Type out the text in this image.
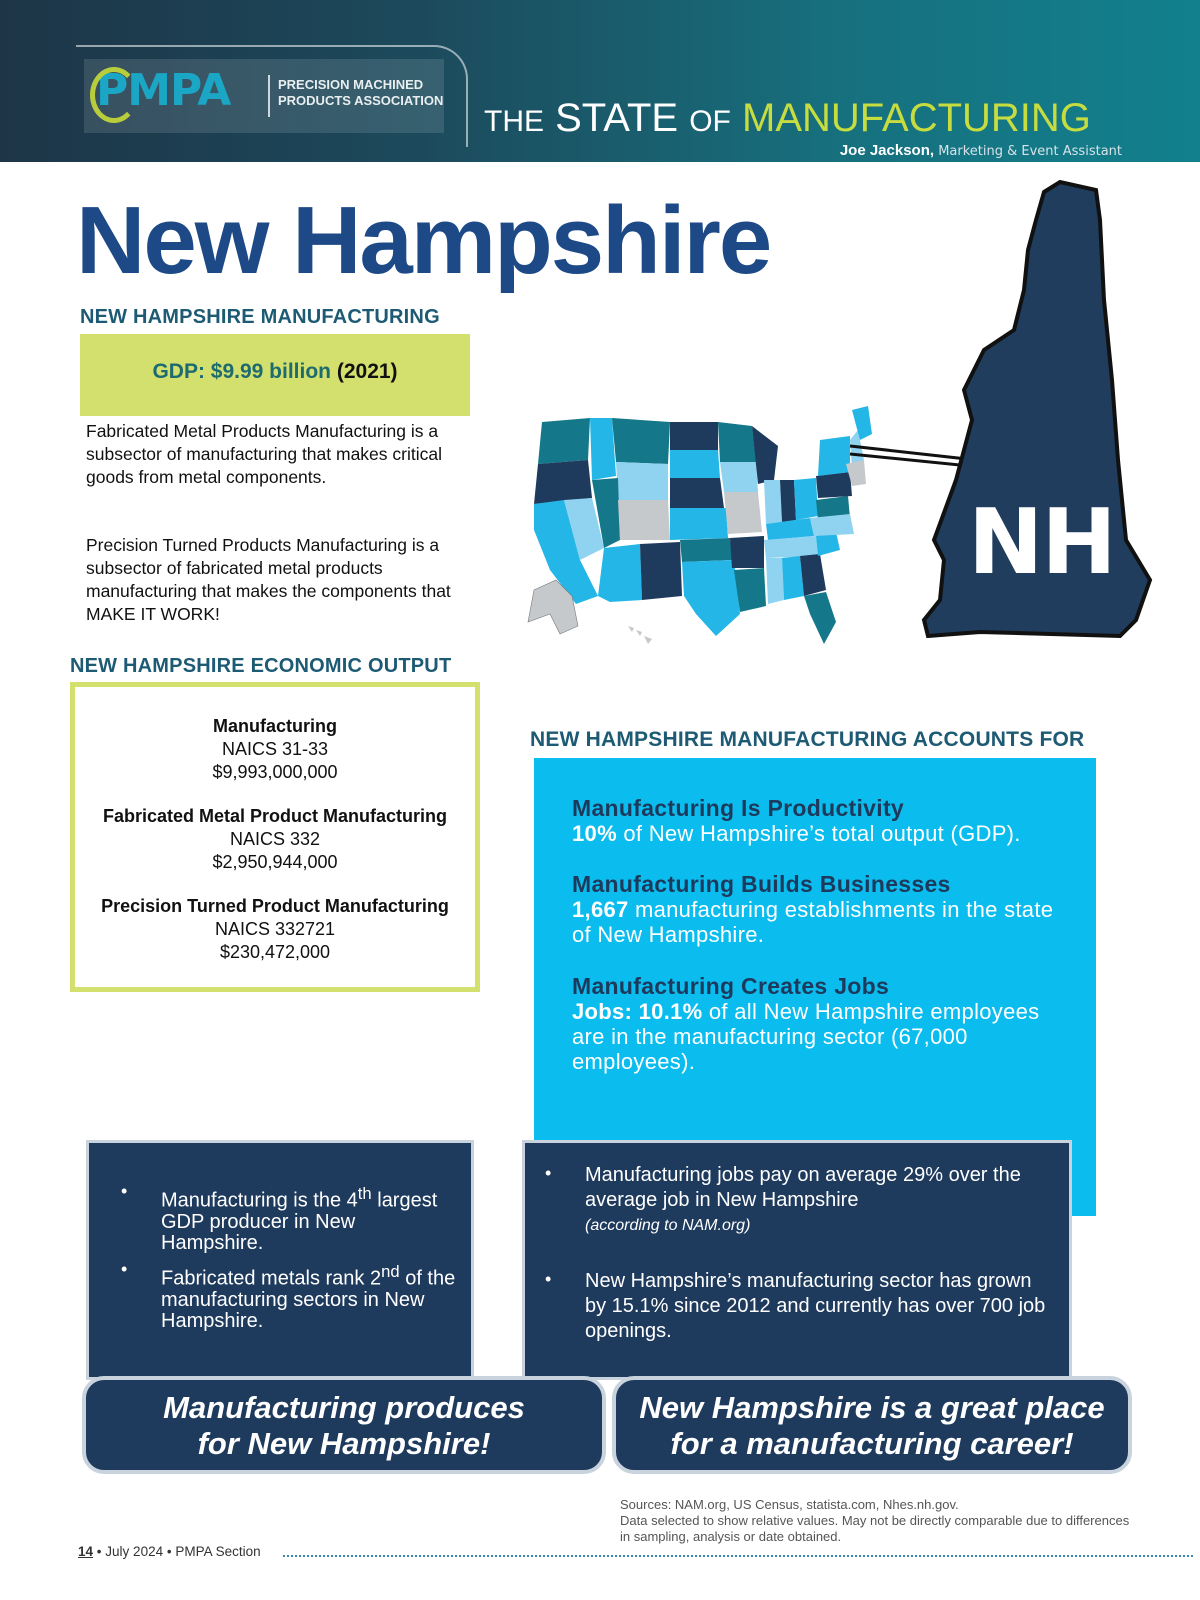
PMPA	PRECISION MACHINED
PRODUCTS ASSOCIATION
THE STATE OF MANUFACTURING
Joe Jackson, Marketing & Event Assistant
New Hampshire
NEW HAMPSHIRE MANUFACTURING
GDP: $9.99 billion (2021)
Fabricated Metal Products Manufacturing is a subsector of manufacturing that makes critical goods from metal components.
Precision Turned Products Manufacturing is a subsector of fabricated metal products manufacturing that makes the components that MAKE IT WORK!
NH
NEW HAMPSHIRE ECONOMIC OUTPUT
Manufacturing
NAICS 31-33
$9,993,000,000
Fabricated Metal Product Manufacturing
NAICS 332
$2,950,944,000
Precision Turned Product Manufacturing
NAICS 332721
$230,472,000
Manufacturing Is Productivity
10% of New Hampshire’s total output (GDP).
Manufacturing Builds Businesses
1,667 manufacturing establishments in the state of New Hampshire.
Manufacturing Creates Jobs
Jobs: 10.1% of all New Hampshire employees are in the manufacturing sector (67,000 employees).
NEW HAMPSHIRE MANUFACTURING ACCOUNTS FOR
• Manufacturing is the 4th largest GDP producer in New Hampshire.
• Fabricated metals rank 2nd of the manufacturing sectors in New Hampshire.
• Manufacturing jobs pay on average 29% over the average job in New Hampshire
(according to NAM.org)
• New Hampshire’s manufacturing sector has grown by 15.1% since 2012 and currently has over 700 job openings.
Manufacturing produces
for New Hampshire!
New Hampshire is a great place
for a manufacturing career!
Sources: NAM.org, US Census, statista.com, Nhes.nh.gov.
Data selected to show relative values. May not be directly comparable due to differences in sampling, analysis or date obtained.
14 • July 2024 • PMPA Section
